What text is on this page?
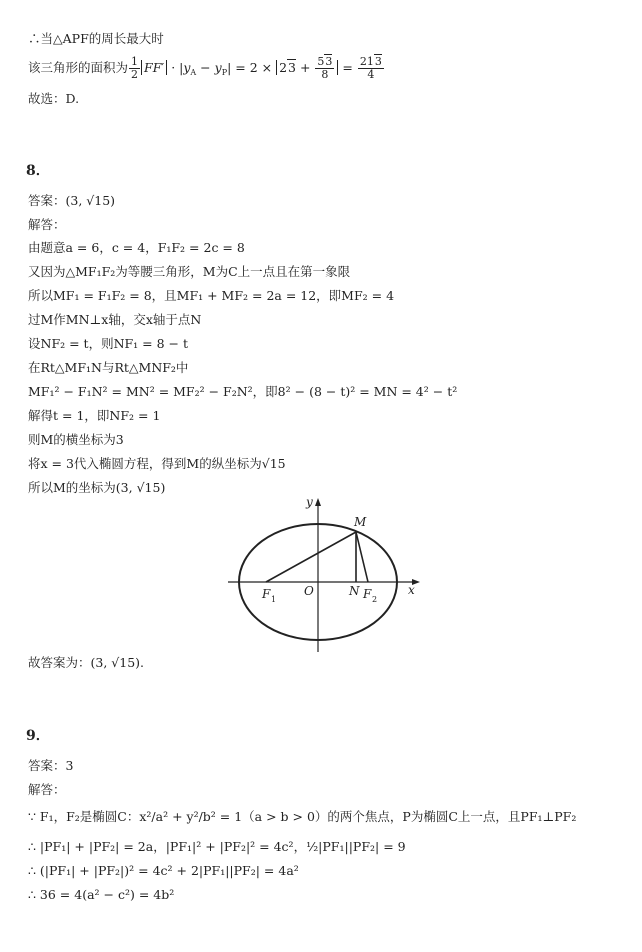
∴当△APF的周长最大时
该三角形的面积为 $\frac{1}{2} FF' \cdot |y_A - y_P| = 2 \times 23 + \frac{53}{8} = \frac{213}{4}$
故选：D.
8．
答案：(3, √15)
解答：
由题意a = 6，c = 4，F₁F₂ = 2c = 8
又因为△MF₁F₂为等腰三角形，M为C上一点且在第一象限
所以MF₁ = F₁F₂ = 8，且MF₁ + MF₂ = 2a = 12，即MF₂ = 4
过M作MN⊥x轴，交x轴于点N
设NF₂ = t，则NF₁ = 8 − t
在Rt△MF₁N与Rt△MNF₂中
MF₁² − F₁N² = MN² = MF₂² − F₂N²，即8² − (8 − t)² = MN = 4² − t²
解得t = 1，即NF₂ = 1
则M的横坐标为3
将x = 3代入椭圆方程，得到M的纵坐标为√15
所以M的坐标为(3, √15)
y
x
M
F 1
O	N F 2
故答案为：(3, √15).
9．
答案：3
解答：
∵ F₁，F₂是椭圆C：x²/a² + y²/b² = 1（a > b > 0）的两个焦点，P为椭圆C上一点，且PF₁⊥PF₂
∴ |PF₁| + |PF₂| = 2a，|PF₁|² + |PF₂|² = 4c²，½|PF₁||PF₂| = 9
∴ (|PF₁| + |PF₂|)² = 4c² + 2|PF₁||PF₂| = 4a²
∴ 36 = 4(a² − c²) = 4b²
